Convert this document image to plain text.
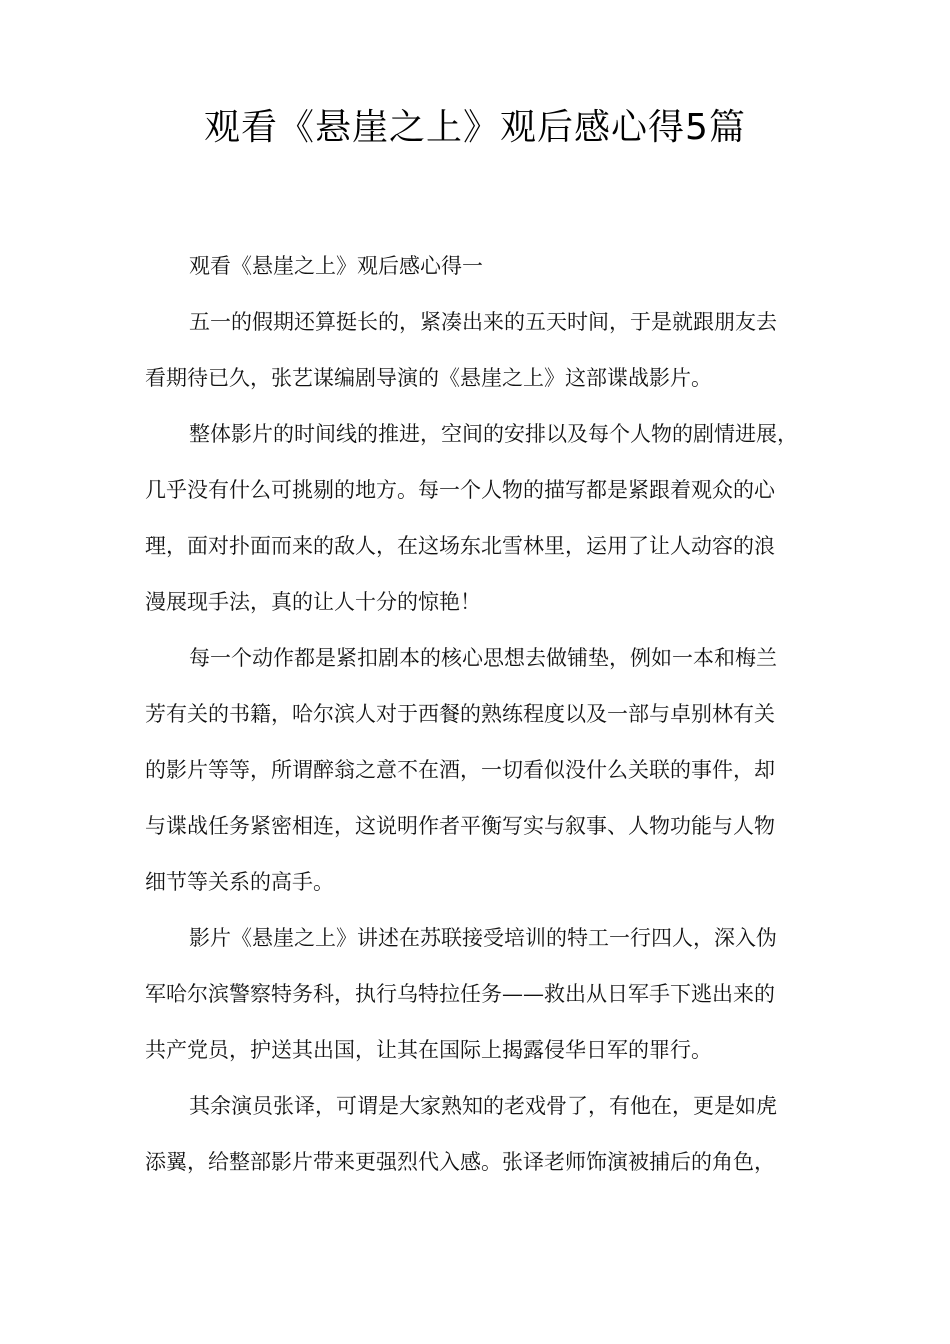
观看《悬崖之上》观后感心得5篇

观看《悬崖之上》观后感心得一

五一的假期还算挺长的，紧凑出来的五天时间，于是就跟朋友去
看期待已久，张艺谋编剧导演的《悬崖之上》这部谍战影片。

整体影片的时间线的推进，空间的安排以及每个人物的剧情进展，
几乎没有什么可挑剔的地方。每一个人物的描写都是紧跟着观众的心
理，面对扑面而来的敌人，在这场东北雪林里，运用了让人动容的浪
漫展现手法，真的让人十分的惊艳！

每一个动作都是紧扣剧本的核心思想去做铺垫，例如一本和梅兰
芳有关的书籍，哈尔滨人对于西餐的熟练程度以及一部与卓别林有关
的影片等等，所谓醉翁之意不在酒，一切看似没什么关联的事件，却
与谍战任务紧密相连，这说明作者平衡写实与叙事、人物功能与人物
细节等关系的高手。

影片《悬崖之上》讲述在苏联接受培训的特工一行四人，深入伪
军哈尔滨警察特务科，执行乌特拉任务——救出从日军手下逃出来的
共产党员，护送其出国，让其在国际上揭露侵华日军的罪行。

其余演员张译，可谓是大家熟知的老戏骨了，有他在，更是如虎
添翼，给整部影片带来更强烈代入感。张译老师饰演被捕后的角色，
